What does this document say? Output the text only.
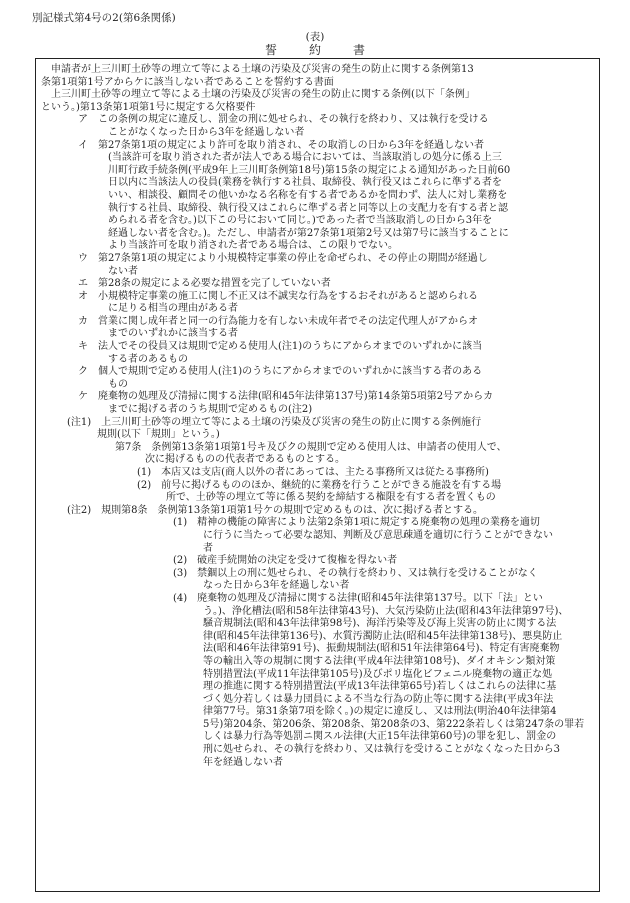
別記様式第4号の2(第6条関係)
(表)
誓約書

申請者が上三川町土砂等の埋立て等による土壌の汚染及び災害の発生の防止に関する条例第13

条第1項第1号アからケに該当しない者であることを誓約する書面

上三川町土砂等の埋立て等による土壌の汚染及び災害の発生の防止に関する条例(以下「条例」

という。)第13条第1項第1号に規定する欠格要件

ア　この条例の規定に違反し、罰金の刑に処せられ、その執行を終わり、又は執行を受ける

ことがなくなった日から3年を経過しない者

イ　第27条第1項の規定により許可を取り消され、その取消しの日から3年を経過しない者

(当該許可を取り消された者が法人である場合においては、当該取消しの処分に係る上三

川町行政手続条例(平成9年上三川町条例第18号)第15条の規定による通知があった日前60

日以内に当該法人の役員(業務を執行する社員、取締役、執行役又はこれらに準ずる者を

いい、相談役、顧問その他いかなる名称を有する者であるかを問わず、法人に対し業務を

執行する社員、取締役、執行役又はこれらに準ずる者と同等以上の支配力を有する者と認

められる者を含む。)以下この号において同じ。)であった者で当該取消しの日から3年を

経過しない者を含む。)。ただし、申請者が第27条第1項第2号又は第7号に該当することに

より当該許可を取り消された者である場合は、この限りでない。

ウ　第27条第1項の規定により小規模特定事業の停止を命ぜられ、その停止の期間が経過し

ない者

エ　第28条の規定による必要な措置を完了していない者

オ　小規模特定事業の施工に関し不正又は不誠実な行為をするおそれがあると認められる

に足りる相当の理由がある者

カ　営業に関し成年者と同一の行為能力を有しない未成年者でその法定代理人がアからオ

までのいずれかに該当する者

キ　法人でその役員又は規則で定める使用人(注1)のうちにアからオまでのいずれかに該当

する者のあるもの

ク　個人で規則で定める使用人(注1)のうちにアからオまでのいずれかに該当する者のある

もの

ケ　廃棄物の処理及び清掃に関する法律(昭和45年法律第137号)第14条第5項第2号アからカ

までに掲げる者のうち規則で定めるもの(注2)

(注1)　上三川町土砂等の埋立て等による土壌の汚染及び災害の発生の防止に関する条例施行

規則(以下「規則」という。)

第7条　条例第13条第1項第1号キ及びクの規則で定める使用人は、申請者の使用人で、

次に掲げるものの代表者であるものとする。

(1)　本店又は支店(商人以外の者にあっては、主たる事務所又は従たる事務所)

(2)　前号に掲げるもののほか、継続的に業務を行うことができる施設を有する場

所で、土砂等の埋立て等に係る契約を締結する権限を有する者を置くもの

(注2)　規則第8条　条例第13条第1項第1号ケの規則で定めるものは、次に掲げる者とする。

(1)　精神の機能の障害により法第2条第1項に規定する廃棄物の処理の業務を適切

に行うに当たって必要な認知、判断及び意思疎通を適切に行うことができない

者

(2)　破産手続開始の決定を受けて復権を得ない者

(3)　禁錮以上の刑に処せられ、その執行を終わり、又は執行を受けることがなく

なった日から3年を経過しない者

(4)　廃棄物の処理及び清掃に関する法律(昭和45年法律第137号。以下「法」とい

う。)、浄化槽法(昭和58年法律第43号)、大気汚染防止法(昭和43年法律第97号)、

騒音規制法(昭和43年法律第98号)、海洋汚染等及び海上災害の防止に関する法

律(昭和45年法律第136号)、水質汚濁防止法(昭和45年法律第138号)、悪臭防止

法(昭和46年法律第91号)、振動規制法(昭和51年法律第64号)、特定有害廃棄物

等の輸出入等の規制に関する法律(平成4年法律第108号)、ダイオキシン類対策

特別措置法(平成11年法律第105号)及びポリ塩化ビフェニル廃棄物の適正な処

理の推進に関する特別措置法(平成13年法律第65号)若しくはこれらの法律に基

づく処分若しくは暴力団員による不当な行為の防止等に関する法律(平成3年法

律第77号。第31条第7項を除く。)の規定に違反し、又は刑法(明治40年法律第4

5号)第204条、第206条、第208条、第208条の3、第222条若しくは第247条の罪若

しくは暴力行為等処罰ニ関スル法律(大正15年法律第60号)の罪を犯し、罰金の

刑に処せられ、その執行を終わり、又は執行を受けることがなくなった日から3

年を経過しない者
